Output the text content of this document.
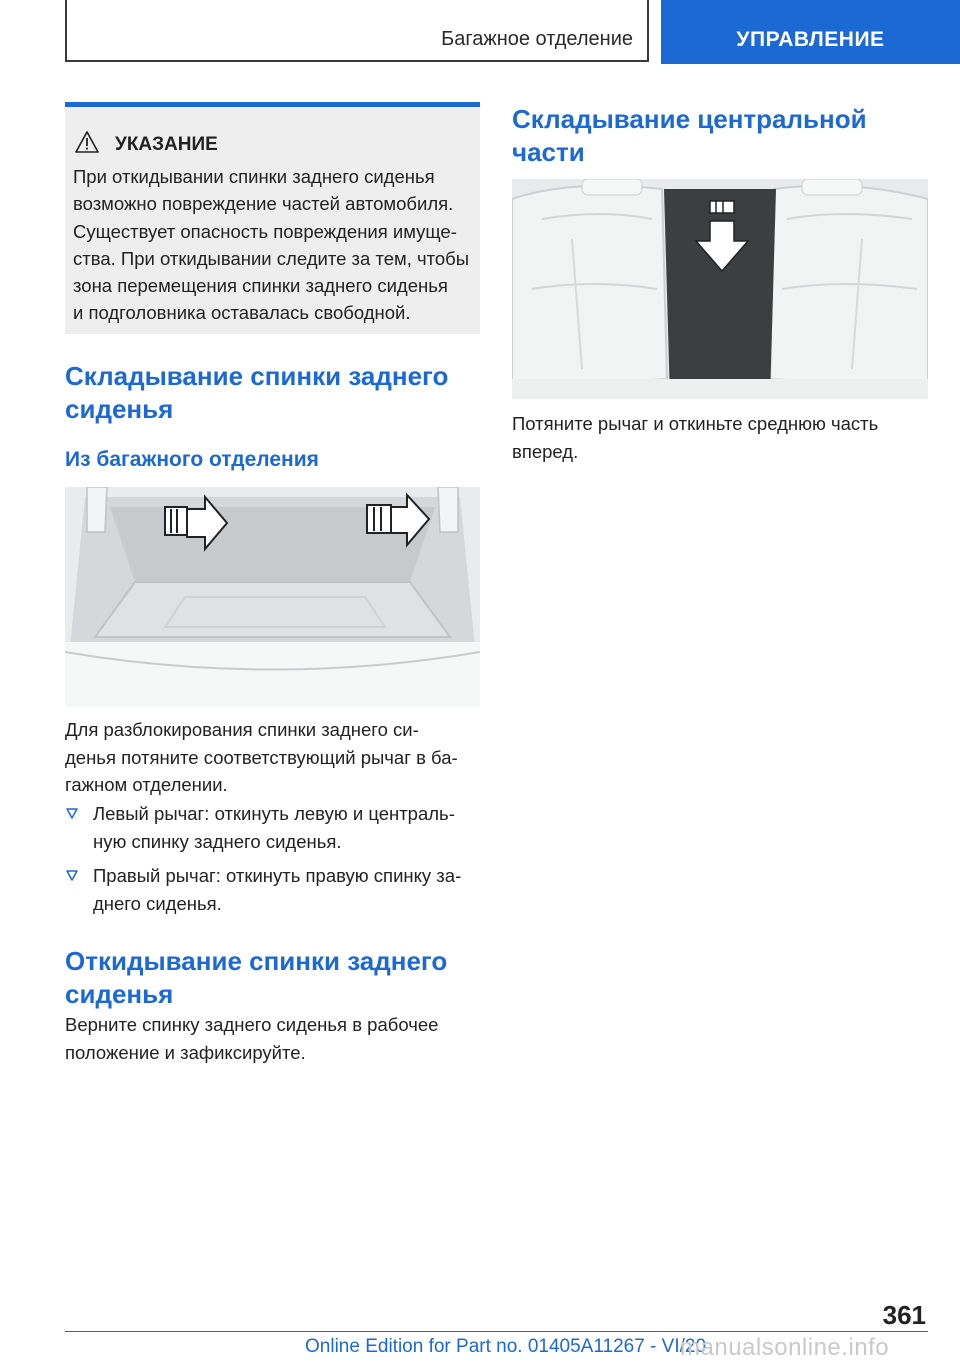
Багажное отделение	УПРАВЛЕНИЕ
УКАЗАНИЕ
При откидывании спинки заднего сиденья
возможно повреждение частей автомобиля.
Существует опасность повреждения имуще-
ства. При откидывании следите за тем, чтобы
зона перемещения спинки заднего сиденья
и подголовника оставалась свободной.
Складывание спинки заднего
сиденья
Из багажного отделения
Для разблокирования спинки заднего си-
денья потяните соответствующий рычаг в ба-
гажном отделении.
Левый рычаг: откинуть левую и централь-
ную спинку заднего сиденья.
Правый рычаг: откинуть правую спинку за-
днего сиденья.
Откидывание спинки заднего
сиденья
Верните спинку заднего сиденья в рабочее
положение и зафиксируйте.
Складывание центральной
части
Потяните рычаг и откиньте среднюю часть
вперед.
361
Online Edition for Part no. 01405A11267 - VI/20
manualsonline.info
